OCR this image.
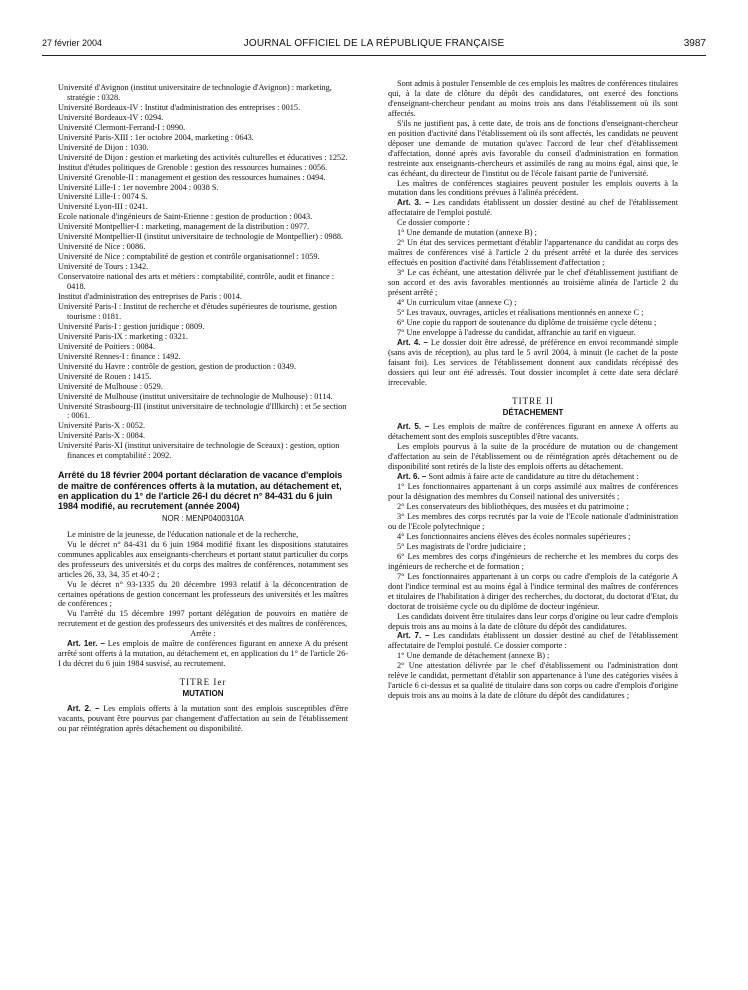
27 février 2004	JOURNAL OFFICIEL DE LA RÉPUBLIQUE FRANÇAISE	3987

Université d'Avignon (institut universitaire de technologie d'Avignon) : marketing, stratégie : 0328.

Université Bordeaux-IV : Institut d'administration des entreprises : 0015.

Université Bordeaux-IV : 0294.

Université Clermont-Ferrand-I : 0990.

Université Paris-XIII : 1er octobre 2004, marketing : 0643.

Université de Dijon : 1030.

Université de Dijon : gestion et marketing des activités culturelles et éducatives : 1252.

Institut d'études politiques de Grenoble : gestion des ressources humaines : 0056.

Université Grenoble-II : management et gestion des ressources humaines : 0494.

Université Lille-I : 1er novembre 2004 : 0038 S.

Université Lille-I : 0074 S.

Université Lyon-III : 0241.

Ecole nationale d'ingénieurs de Saint-Etienne : gestion de production : 0043.

Université Montpellier-I : marketing, management de la distribution : 0977.

Université Montpellier-II (institut universitaire de technologie de Montpellier) : 0988.

Université de Nice : 0086.

Université de Nice : comptabilité de gestion et contrôle organisationnel : 1059.

Université de Tours : 1342.

Conservatoire national des arts et métiers : comptabilité, contrôle, audit et finance : 0418.

Institut d'administration des entreprises de Paris : 0014.

Université Paris-I : Institut de recherche et d'études supérieures de tourisme, gestion tourisme : 0181.

Université Paris-I : gestion juridique : 0809.

Université Paris-IX : marketing : 0321.

Université de Poitiers : 0084.

Université Rennes-I : finance : 1492.

Université du Havre : contrôle de gestion, gestion de production : 0349.

Université de Rouen : 1415.

Université de Mulhouse : 0529.

Université de Mulhouse (institut universitaire de technologie de Mulhouse) : 0114.

Université Strasbourg-III (institut universitaire de technologie d'Illkirch) : et 5e section : 0061.

Université Paris-X : 0052.

Université Paris-X : 0084.

Université Paris-XI (institut universitaire de technologie de Sceaux) : gestion, option finances et comptabilité : 2092.

Arrêté du 18 février 2004 portant déclaration de vacance d'emplois de maître de conférences offerts à la mutation, au détachement et, en application du 1° de l'article 26-I du décret n° 84-431 du 6 juin 1984 modifié, au recrutement (année 2004)

NOR : MENP0400310A

Le ministre de la jeunesse, de l'éducation nationale et de la recherche,

Vu le décret n° 84-431 du 6 juin 1984 modifié fixant les dispositions statutaires communes applicables aux enseignants-chercheurs et portant statut particulier du corps des professeurs des universités et du corps des maîtres de conférences, notamment ses articles 26, 33, 34, 35 et 40-2 ;

Vu le décret n° 93-1335 du 20 décembre 1993 relatif à la déconcentration de certaines opérations de gestion concernant les professeurs des universités et les maîtres de conférences ;

Vu l'arrêté du 15 décembre 1997 portant délégation de pouvoirs en matière de recrutement et de gestion des professeurs des universités et des maîtres de conférences,

Arrête :

Art. 1er. – Les emplois de maître de conférences figurant en annexe A du présent arrêté sont offerts à la mutation, au détachement et, en application du 1° de l'article 26-I du décret du 6 juin 1984 susvisé, au recrutement.

TITRE Ier

MUTATION

Art. 2. – Les emplois offerts à la mutation sont des emplois susceptibles d'être vacants, pouvant être pourvus par changement d'affectation au sein de l'établissement ou par réintégration après détachement ou disponibilité.

Sont admis à postuler l'ensemble de ces emplois les maîtres de conférences titulaires qui, à la date de clôture du dépôt des candidatures, ont exercé des fonctions d'enseignant-chercheur pendant au moins trois ans dans l'établissement où ils sont affectés.

S'ils ne justifient pas, à cette date, de trois ans de fonctions d'enseignant-chercheur en position d'activité dans l'établissement où ils sont affectés, les candidats ne peuvent déposer une demande de mutation qu'avec l'accord de leur chef d'établissement d'affectation, donné après avis favorable du conseil d'administration en formation restreinte aux enseignants-chercheurs et assimilés de rang au moins égal, ainsi que, le cas échéant, du directeur de l'institut ou de l'école faisant partie de l'université.

Les maîtres de conférences stagiaires peuvent postuler les emplois ouverts à la mutation dans les conditions prévues à l'alinéa précédent.

Art. 3. – Les candidats établissent un dossier destiné au chef de l'établissement affectataire de l'emploi postulé.

Ce dossier comporte :

1° Une demande de mutation (annexe B) ;

2° Un état des services permettant d'établir l'appartenance du candidat au corps des maîtres de conférences visé à l'article 2 du présent arrêté et la durée des services effectués en position d'activité dans l'établissement d'affectation ;

3° Le cas échéant, une attestation délivrée par le chef d'établissement justifiant de son accord et des avis favorables mentionnés au troisième alinéa de l'article 2 du présent arrêté ;

4° Un curriculum vitae (annexe C) ;

5° Les travaux, ouvrages, articles et réalisations mentionnés en annexe C ;

6° Une copie du rapport de soutenance du diplôme de troisième cycle détenu ;

7° Une enveloppe à l'adresse du candidat, affranchie au tarif en vigueur.

Art. 4. – Le dossier doit être adressé, de préférence en envoi recommandé simple (sans avis de réception), au plus tard le 5 avril 2004, à minuit (le cachet de la poste faisant foi). Les services de l'établissement donnent aux candidats récépissé des dossiers qui leur ont été adressés. Tout dossier incomplet à cette date sera déclaré irrecevable.

TITRE II

DÉTACHEMENT

Art. 5. – Les emplois de maître de conférences figurant en annexe A offerts au détachement sont des emplois susceptibles d'être vacants.

Les emplois pourvus à la suite de la procédure de mutation ou de changement d'affectation au sein de l'établissement ou de réintégration après détachement ou de disponibilité sont retirés de la liste des emplois offerts au détachement.

Art. 6. – Sont admis à faire acte de candidature au titre du détachement :

1° Les fonctionnaires appartenant à un corps assimilé aux maîtres de conférences pour la désignation des membres du Conseil national des universités ;

2° Les conservateurs des bibliothèques, des musées et du patrimoine ;

3° Les membres des corps recrutés par la voie de l'Ecole nationale d'administration ou de l'Ecole polytechnique ;

4° Les fonctionnaires anciens élèves des écoles normales supérieures ;

5° Les magistrats de l'ordre judiciaire ;

6° Les membres des corps d'ingénieurs de recherche et les membres du corps des ingénieurs de recherche et de formation ;

7° Les fonctionnaires appartenant à un corps ou cadre d'emplois de la catégorie A dont l'indice terminal est au moins égal à l'indice terminal des maîtres de conférences et titulaires de l'habilitation à diriger des recherches, du doctorat, du doctorat d'Etat, du doctorat de troisième cycle ou du diplôme de docteur ingénieur.

Les candidats doivent être titulaires dans leur corps d'origine ou leur cadre d'emplois depuis trois ans au moins à la date de clôture du dépôt des candidatures.

Art. 7. – Les candidats établissent un dossier destiné au chef de l'établissement affectataire de l'emploi postulé. Ce dossier comporte :

1° Une demande de détachement (annexe B) ;

2° Une attestation délivrée par le chef d'établissement ou l'administration dont relève le candidat, permettant d'établir son appartenance à l'une des catégories visées à l'article 6 ci-dessus et sa qualité de titulaire dans son corps ou cadre d'emplois d'origine depuis trois ans au moins à la date de clôture du dépôt des candidatures ;
